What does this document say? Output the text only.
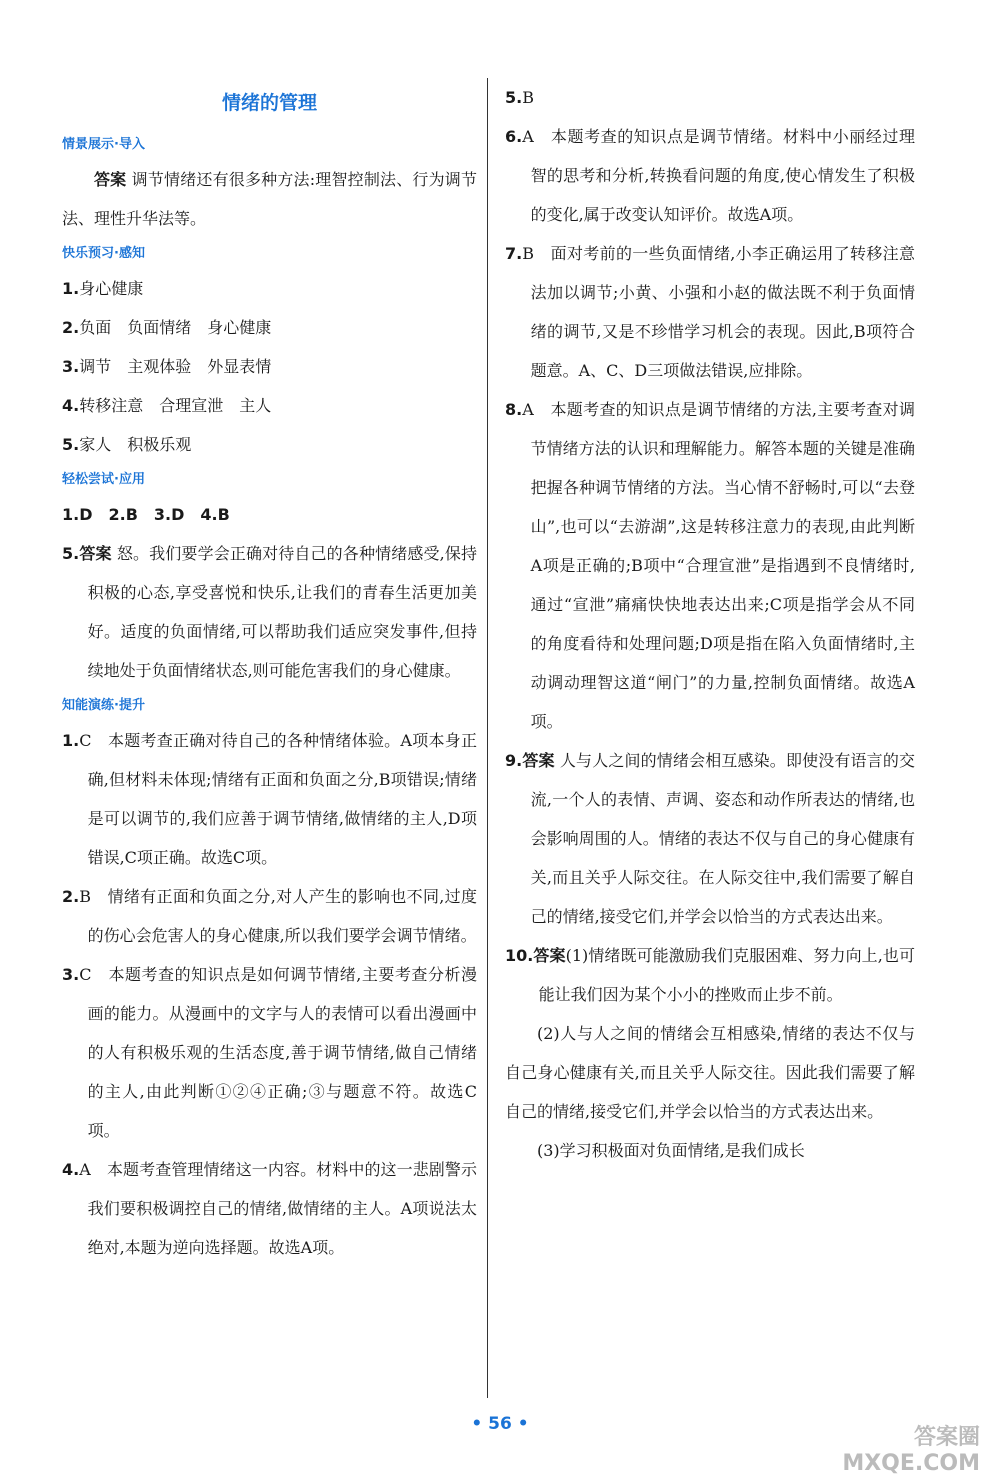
情绪的管理
情景展示·导入

答案 调节情绪还有很多种方法:理智控制法、行为调节法、理性升华法等。

快乐预习·感知

1.身心健康

2.负面　负面情绪　身心健康

3.调节　主观体验　外显表情

4.转移注意　合理宣泄　主人

5.家人　积极乐观

轻松尝试·应用

1.D　2.B　3.D　4.B

5.答案 怒。我们要学会正确对待自己的各种情绪感受,保持积极的心态,享受喜悦和快乐,让我们的青春生活更加美好。适度的负面情绪,可以帮助我们适应突发事件,但持续地处于负面情绪状态,则可能危害我们的身心健康。

知能演练·提升

1.C　本题考查正确对待自己的各种情绪体验。A项本身正确,但材料未体现;情绪有正面和负面之分,B项错误;情绪是可以调节的,我们应善于调节情绪,做情绪的主人,D项错误,C项正确。故选C项。

2.B　情绪有正面和负面之分,对人产生的影响也不同,过度的伤心会危害人的身心健康,所以我们要学会调节情绪。

3.C　本题考查的知识点是如何调节情绪,主要考查分析漫画的能力。从漫画中的文字与人的表情可以看出漫画中的人有积极乐观的生活态度,善于调节情绪,做自己情绪的主人,由此判断①②④正确;③与题意不符。故选C项。

4.A　本题考查管理情绪这一内容。材料中的这一悲剧警示我们要积极调控自己的情绪,做情绪的主人。A项说法太绝对,本题为逆向选择题。故选A项。

5.B

6.A　本题考查的知识点是调节情绪。材料中小丽经过理智的思考和分析,转换看问题的角度,使心情发生了积极的变化,属于改变认知评价。故选A项。

7.B　面对考前的一些负面情绪,小李正确运用了转移注意法加以调节;小黄、小强和小赵的做法既不利于负面情绪的调节,又是不珍惜学习机会的表现。因此,B项符合题意。A、C、D三项做法错误,应排除。

8.A　本题考查的知识点是调节情绪的方法,主要考查对调节情绪方法的认识和理解能力。解答本题的关键是准确把握各种调节情绪的方法。当心情不舒畅时,可以“去登山”,也可以“去游湖”,这是转移注意力的表现,由此判断A项是正确的;B项中“合理宣泄”是指遇到不良情绪时,通过“宣泄”痛痛快快地表达出来;C项是指学会从不同的角度看待和处理问题;D项是指在陷入负面情绪时,主动调动理智这道“闸门”的力量,控制负面情绪。故选A项。

9.答案 人与人之间的情绪会相互感染。即使没有语言的交流,一个人的表情、声调、姿态和动作所表达的情绪,也会影响周围的人。情绪的表达不仅与自己的身心健康有关,而且关乎人际交往。在人际交往中,我们需要了解自己的情绪,接受它们,并学会以恰当的方式表达出来。

10.答案(1)情绪既可能激励我们克服困难、努力向上,也可能让我们因为某个小小的挫败而止步不前。

(2)人与人之间的情绪会互相感染,情绪的表达不仅与自己身心健康有关,而且关乎人际交往。因此我们需要了解自己的情绪,接受它们,并学会以恰当的方式表达出来。

(3)学习积极面对负面情绪,是我们成长

• 56 •
答案圈
MXQE.COM
